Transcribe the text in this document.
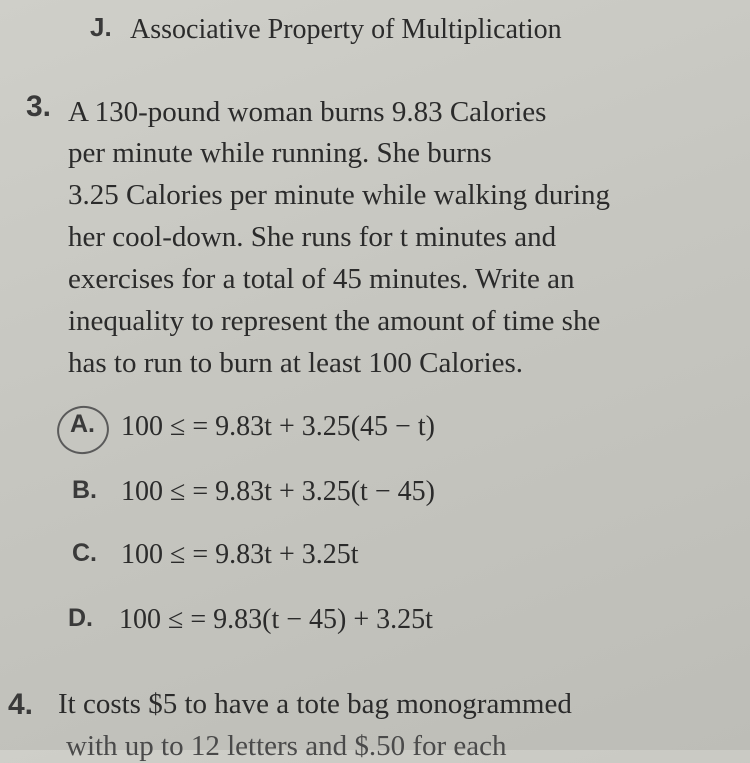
J. Associative Property of Multiplication
3. A 130-pound woman burns 9.83 Calories
per minute while running. She burns
3.25 Calories per minute while walking during
her cool-down. She runs for t minutes and
exercises for a total of 45 minutes. Write an
inequality to represent the amount of time she
has to run to burn at least 100 Calories.
A. 100 ≤ = 9.83t + 3.25(45 − t)
B. 100 ≤ = 9.83t + 3.25(t − 45)
C. 100 ≤ = 9.83t + 3.25t
D. 100 ≤ = 9.83(t − 45) + 3.25t
4. It costs $5 to have a tote bag monogrammed
with up to 12 letters and $.50 for each
